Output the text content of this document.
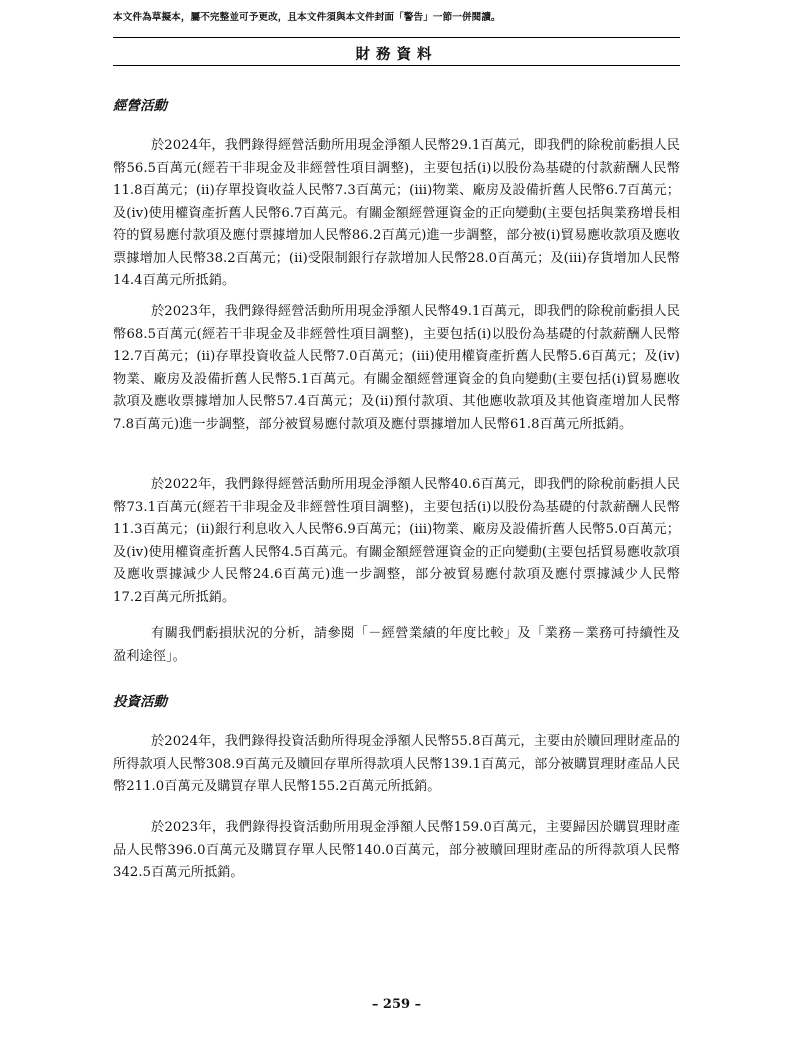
本文件為草擬本，屬不完整並可予更改，且本文件須與本文件封面「警告」一節一併閱讀。
財務資料
經營活動

於2024年，我們錄得經營活動所用現金淨額人民幣29.1百萬元，即我們的除稅前虧損人民幣56.5百萬元(經若干非現金及非經營性項目調整)，主要包括(i)以股份為基礎的付款薪酬人民幣11.8百萬元；(ii)存單投資收益人民幣7.3百萬元；(iii)物業、廠房及設備折舊人民幣6.7百萬元；及(iv)使用權資產折舊人民幣6.7百萬元。有關金額經營運資金的正向變動(主要包括與業務增長相符的貿易應付款項及應付票據增加人民幣86.2百萬元)進一步調整，部分被(i)貿易應收款項及應收票據增加人民幣38.2百萬元；(ii)受限制銀行存款增加人民幣28.0百萬元；及(iii)存貨增加人民幣14.4百萬元所抵銷。

於2023年，我們錄得經營活動所用現金淨額人民幣49.1百萬元，即我們的除稅前虧損人民幣68.5百萬元(經若干非現金及非經營性項目調整)，主要包括(i)以股份為基礎的付款薪酬人民幣12.7百萬元；(ii)存單投資收益人民幣7.0百萬元；(iii)使用權資產折舊人民幣5.6百萬元；及(iv)物業、廠房及設備折舊人民幣5.1百萬元。有關金額經營運資金的負向變動(主要包括(i)貿易應收款項及應收票據增加人民幣57.4百萬元；及(ii)預付款項、其他應收款項及其他資產增加人民幣7.8百萬元)進一步調整，部分被貿易應付款項及應付票據增加人民幣61.8百萬元所抵銷。

於2022年，我們錄得經營活動所用現金淨額人民幣40.6百萬元，即我們的除稅前虧損人民幣73.1百萬元(經若干非現金及非經營性項目調整)，主要包括(i)以股份為基礎的付款薪酬人民幣11.3百萬元；(ii)銀行利息收入人民幣6.9百萬元；(iii)物業、廠房及設備折舊人民幣5.0百萬元；及(iv)使用權資產折舊人民幣4.5百萬元。有關金額經營運資金的正向變動(主要包括貿易應收款項及應收票據減少人民幣24.6百萬元)進一步調整，部分被貿易應付款項及應付票據減少人民幣17.2百萬元所抵銷。

有關我們虧損狀況的分析，請參閱「－經營業績的年度比較」及「業務－業務可持續性及盈利途徑」。

投資活動

於2024年，我們錄得投資活動所得現金淨額人民幣55.8百萬元，主要由於贖回理財產品的所得款項人民幣308.9百萬元及贖回存單所得款項人民幣139.1百萬元，部分被購買理財產品人民幣211.0百萬元及購買存單人民幣155.2百萬元所抵銷。

於2023年，我們錄得投資活動所用現金淨額人民幣159.0百萬元，主要歸因於購買理財產品人民幣396.0百萬元及購買存單人民幣140.0百萬元，部分被贖回理財產品的所得款項人民幣342.5百萬元所抵銷。

– 259 –
